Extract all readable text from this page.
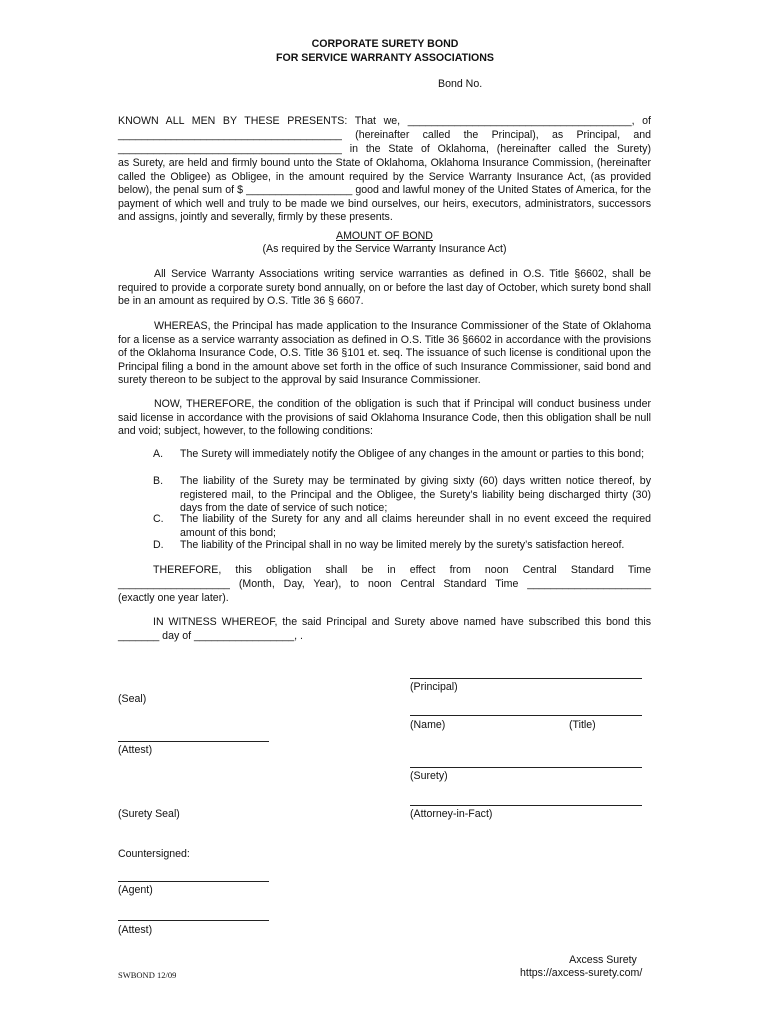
CORPORATE SURETY BOND
FOR SERVICE WARRANTY ASSOCIATIONS
Bond No.
KNOWN ALL MEN BY THESE PRESENTS: That we, ______________________________________, of
______________________________________ (hereinafter called the Principal), as Principal, and
______________________________________ in the State of Oklahoma, (hereinafter called the Surety)
as Surety, are held and firmly bound unto the State of Oklahoma, Oklahoma Insurance Commission, (hereinafter called the Obligee) as Obligee, in the amount required by the Service Warranty Insurance Act, (as provided below), the penal sum of $ __________________ good and lawful money of the United States of America, for the payment of which well and truly to be made we bind ourselves, our heirs, executors, administrators, successors and assigns, jointly and severally, firmly by these presents.
AMOUNT OF BOND
(As required by the Service Warranty Insurance Act)
All Service Warranty Associations writing service warranties as defined in O.S. Title §6602, shall be required to provide a corporate surety bond annually, on or before the last day of October, which surety bond shall be in an amount as required by O.S. Title 36 § 6607.
WHEREAS, the Principal has made application to the Insurance Commissioner of the State of Oklahoma for a license as a service warranty association as defined in O.S. Title 36 §6602 in accordance with the provisions of the Oklahoma Insurance Code, O.S. Title 36 §101 et. seq. The issuance of such license is conditional upon the Principal filing a bond in the amount above set forth in the office of such Insurance Commissioner, said bond and surety thereon to be subject to the approval by said Insurance Commissioner.
NOW, THEREFORE, the condition of the obligation is such that if Principal will conduct business under said license in accordance with the provisions of said Oklahoma Insurance Code, then this obligation shall be null and void; subject, however, to the following conditions:
A. The Surety will immediately notify the Obligee of any changes in the amount or parties to this bond;
B. The liability of the Surety may be terminated by giving sixty (60) days written notice thereof, by registered mail, to the Principal and the Obligee, the Surety’s liability being discharged thirty (30) days from the date of service of such notice;
C. The liability of the Surety for any and all claims hereunder shall in no event exceed the required amount of this bond;
D. The liability of the Principal shall in no way be limited merely by the surety’s satisfaction hereof.
THEREFORE, this obligation shall be in effect from noon Central Standard Time
___________________ (Month, Day, Year), to noon Central Standard Time _____________________
(exactly one year later).
IN WITNESS WHEREOF, the said Principal and Surety above named have subscribed this bond this
_______ day of _________________, .
(Principal)
(Seal)
(Name)	(Title)
(Attest)
(Surety)
(Surety Seal)	(Attorney-in-Fact)
Countersigned:
(Agent)
(Attest)
SWBOND 12/09
Axcess Surety
https://axcess-surety.com/
